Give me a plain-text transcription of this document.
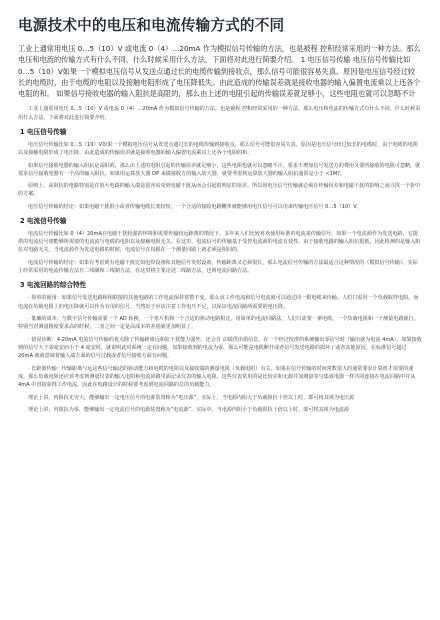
电源技术中的电压和电流传输方式的不同

工业上通常用电压 0…5（10）V 或电流 0（4）…20mA 作为模拟信号传输的方法，也是被程 控积经常采用的一种方法。那么电压和电流的传输方式有什么不同，什么时候采用什么方法，下面将对此进行简要介绍。 1 电压信号传输 电压信号传输比如 0…5（10）V如果一个模拟电压信号从发送点通过长的电缆传输到接收点，那么信号可能很容易失真。原因是电压信号经过较长的电缆时，由于电缆的电阻以及接触电阻形成了电压降低失。由此造成的传输误差就是接收电器的输入偏置电流乘以上还各个电阻的和。 如果信号接收电器的输入阻抗是高阻的，那么由上述的电阻引起的传输误差就足够小，这些电阻也就可以忽略不计

工业上通常用电压 0…5（10）V 或电流 0（4）…20mA 作为模拟信号传输的方法，也是被程 控积经常采用的一种方法。那么电压和电流的传输方式有什么不同，什么时候采用什么方法，下面将对此进行简要介绍。

1 电压信号传输

电压信号传输比如 0…5（10）V如果一个模拟电压信号从发送点通过长的电缆传输到接收点，那么信号可能很容易失真。原因是电压信号经过较长的电缆时，由于电缆的电阻以及接触电阻形成了电压降。由此造成的传输误差就是接收电器的输入偏置电流乘以上还各个电阻的和。

如果信号接收电器的输入阻抗是高阻的，那么由上述的电阻引起的传输误差就足够小，这些电阻也就可以忽略不计。要求不增加信号发送方的费用又要所接收的电阻可忽略，就要求信号接收电器有一个高的输入阻抗。如果用运算放大器 OP 来做接收方的输入放大器，就要考虑到运算放大器的输入阻抗通常是小于 <1M?。

原则上，高阻抗的电路特别是在放大电路的输入端是很容易受到电磁干扰从而会引起很明显的误差。所以用电压信号传输就必须在传输误差和电磁干扰的影响之间寻找一个折中的方案。

电压信号传输的结论：如果电磁干扰很小或者传输电缆长度较短，一个合适的接收电路概率就能够用电压信号可以用来传输电压信号 0…5（10）V。

2 电流信号传输

电流信号传输比如 0（4）20mA在电磁干扰较强的环境和需要传输较远距离的情况下，多年来人们比较喜欢使用标准的电流来传输信号。如果一个电流源作为发送电路，它提供的电流信号将能够所需要的电流流与电缆的电阻以及接触电阻无关。在这里，电流信号的传输基于受控电流源的电流有效性，由于接收电路的输入阻抗很低，因此检测的是输入阻抗对电路无关。当电流源作为发送电路的时候，电流信号在每根在一个测量回路上就必须是相同的。

电流信号传输的结论：如果有考虑到有电磁干扰比如电焊设备和其他信号发射设备，传输距离又必须很长，那么电流信号传输的方法最适合这种情况的（模拟信号传输）。实际上经常采用的电流传输方法有二线制和三线制方法，在这里将主要论述二线制方法，也叫电流回路方法。

3 电流回路的综合特性

· 简单的使用：如果信号发送电路和相联接的其他电路的工作电流保持常数不变，那么该工作电流和信号电流就可以通过同一根电缆来传输。人们只需用一个负载取样电阻，而电流在负载电阻上的电压降就可以作为有用的信号。当然出于应该注意工作电压不足，以保证电流回路所需要的电压降。

· 低廉的成本：与数字信号传输需要一个 AD 转换，一个单片机和一个合适的驱动电路相比，用简单的电流回路法，人们只需要一条电缆，一个负载电阻和一个测量电路就行。特别当对测量精度要求高的时候，二者之间一定是高成本的差别就更加明显了。

· 错误诊断：4-20mA 电流信号传输的优点除了传输距离远和抗干扰能力强外，还会自 动提供出错信息。在一个经过校准的系统输出零信号时（输出就为电流 4mA），如果接收到的信号大于零毫安而小于 4 毫安时，就说明此时系统一定有问题，如果接收到的电流为零，那么可能是电缆断开或者信号发送电路的损坏了或者其他原因。在标准信号超过 20mA 就就意味着输入端方面的信号过载或者信号接收方面有问题。

· 长距离传输：传输距离与远这些信号输送的驱动能力和电缆的电阻以及接收端的测量电阻（负载电阻）有关。如果在信号传输的时间常数很大的通常要求计算机才需要的速度，那么负载电阻还应该考虑到测量仪表的输入电阻和电流回路里面记录仪表的输入电阻。这些仪表常用的是比较差和无源并加测量等与集成电器一样共同连接在电流回路中并从4mA 中直接获得工作电流。因此在电路设计的时候要考虑到电流回路的总的负载能力。

理论上讲，内阻抗无穷大，能够输出一定电压信号的电源装置称为“电压源”，实际上，当电源内阻大于负载阻抗十倍以上时，即可将其视为电压源

理论上讲，内阻抗为零，能够输出一定电流信号的电源装置称为“电流源”。实际中，当电源内阻小于负载阻抗十倍以上时，即可将其视为电流源
